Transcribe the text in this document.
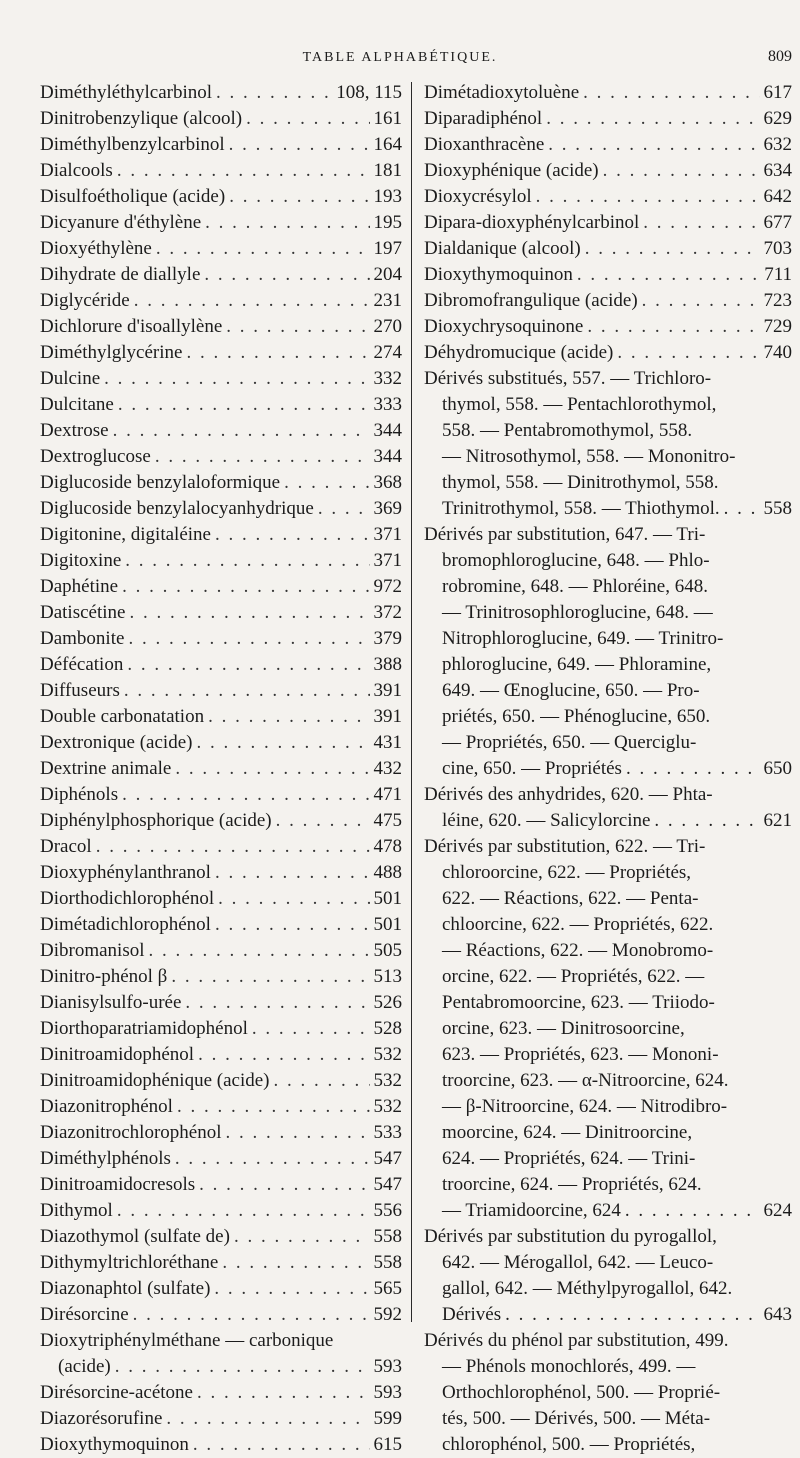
TABLE ALPHABÉTIQUE.	809
Diméthyléthylcarbinol . . .	108, 115
Dinitrobenzylique (alcool) . . .	161
Diméthylbenzylcarbinol . . .	164
Dialcools . . .	181
Disulfoétholique (acide) . . .	193
Dicyanure d'éthylène . . .	195
Dioxyéthylène . . .	197
Dihydrate de diallyle . . .	204
Diglycéride . . .	231
Dichlorure d'isoallylène . . .	270
Diméthylglycérine . . .	274
Dulcine . . .	332
Dulcitane . . .	333
Dextrose . . .	344
Dextroglucose . . .	344
Diglucoside benzylaloformique . . .	368
Diglucoside benzylalocyanhydrique . . .	369
Digitonine, digitaléine . . .	371
Digitoxine . . .	371
Daphétine . . .	972
Datiscétine . . .	372
Dambonite . . .	379
Défécation . . .	388
Diffuseurs . . .	391
Double carbonatation . . .	391
Dextronique (acide) . . .	431
Dextrine animale . . .	432
Diphénols . . .	471
Diphénylphosphorique (acide) . . .	475
Dracol . . .	478
Dioxyphénylanthranol . . .	488
Diorthodichlorophénol . . .	501
Dimétadichlorophénol . . .	501
Dibromanisol . . .	505
Dinitro-phénol β . . .	513
Dianisylsulfo-urée . . .	526
Diorthoparatriamidophénol . . .	528
Dinitroamidophénol . . .	532
Dinitroamidophénique (acide) . . .	532
Diazonitrophénol . . .	532
Diazonitrochlorophénol . . .	533
Diméthylphénols . . .	547
Dinitroamidocresols . . .	547
Dithymol . . .	556
Diazothymol (sulfate de) . . .	558
Dithymyltrichloréthane . . .	558
Diazonaphtol (sulfate) . . .	565
Dirésorcine . . .	592
Dioxytriphénylméthane — carbonique
(acide) . . .	593
Dirésorcine-acétone . . .	593
Diazorésorufine . . .	599
Dioxythymoquinon . . .	615
Dimétadioxytoluène . . .	617
Diparadiphénol . . .	629
Dioxanthracène . . .	632
Dioxyphénique (acide) . . .	634
Dioxycrésylol . . .	642
Dipara-dioxyphénylcarbinol . . .	677
Dialdanique (alcool) . . .	703
Dioxythymoquinon . . .	711
Dibromofrangulique (acide) . . .	723
Dioxychrysoquinone . . .	729
Déhydromucique (acide) . . .	740
Dérivés substitués, 557. — Trichloro-
thymol, 558. — Pentachlorothymol,
558. — Pentabromothymol, 558.
— Nitrosothymol, 558. — Mononitro-
thymol, 558. — Dinitrothymol, 558.
Trinitrothymol, 558. — Thiothymol. . . . 558
Dérivés par substitution, 647. — Tri-
bromophloroglucine, 648. — Phlo-
robromine, 648. — Phloréine, 648.
— Trinitrosophloroglucine, 648. —
Nitrophloroglucine, 649. — Trinitro-
phloroglucine, 649. — Phloramine,
649. — Œnoglucine, 650. — Pro-
priétés, 650. — Phénoglucine, 650.
— Propriétés, 650. — Querciglu-
cine, 650. — Propriétés . . .	650
Dérivés des anhydrides, 620. — Phta-
léine, 620. — Salicylorcine . . .	621
Dérivés par substitution, 622. — Tri-
chloroorcine, 622. — Propriétés,
622. — Réactions, 622. — Penta-
chloorcine, 622. — Propriétés, 622.
— Réactions, 622. — Monobromo-
orcine, 622. — Propriétés, 622. —
Pentabromoorcine, 623. — Triiodo-
orcine, 623. — Dinitrosoorcine,
623. — Propriétés, 623. — Mononi-
troorcine, 623. — α-Nitroorcine, 624.
— β-Nitroorcine, 624. — Nitrodibro-
moorcine, 624. — Dinitroorcine,
624. — Propriétés, 624. — Trini-
troorcine, 624. — Propriétés, 624.
— Triamidoorcine, 624 . . .	624
Dérivés par substitution du pyrogallol,
642. — Mérogallol, 642. — Leuco-
gallol, 642. — Méthylpyrogallol, 642.
Dérivés . . .	643
Dérivés du phénol par substitution, 499.
— Phénols monochlorés, 499. —
Orthochlorophénol, 500. — Proprié-
tés, 500. — Dérivés, 500. — Méta-
chlorophénol, 500. — Propriétés,
